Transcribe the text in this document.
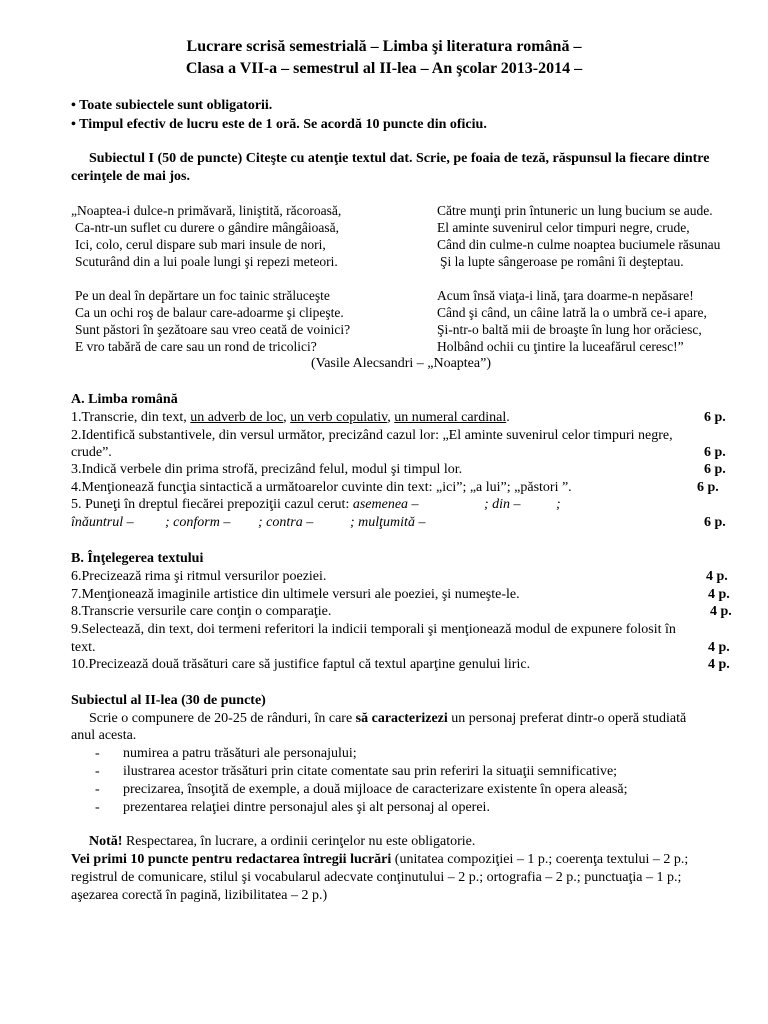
Lucrare scrisă semestrială – Limba şi literatura română –
Clasa a VII-a – semestrul al II-lea – An şcolar 2013-2014 –
• Toate subiectele sunt obligatorii.
• Timpul efectiv de lucru este de 1 oră. Se acordă 10 puncte din oficiu.
Subiectul I (50 de puncte) Citeşte cu atenţie textul dat. Scrie, pe foaia de teză, răspunsul la fiecare dintre
cerinţele de mai jos.
„Noaptea-i dulce-n primăvară, liniştită, răcoroasă,
Ca-ntr-un suflet cu durere o gândire mângâioasă,
Ici, colo, cerul dispare sub mari insule de nori,
Scuturând din a lui poale lungi şi repezi meteori.
Pe un deal în depărtare un foc tainic străluceşte
Ca un ochi roş de balaur care-adoarme şi clipeşte.
Sunt păstori în şezătoare sau vreo ceată de voinici?
E vro tabără de care sau un rond de tricolici?
Către munţi prin întuneric un lung bucium se aude.
El aminte suvenirul celor timpuri negre, crude,
Când din culme-n culme noaptea buciumele răsunau
Şi la lupte sângeroase pe români îi deşteptau.
Acum însă viaţa-i lină, ţara doarme-n nepăsare!
Când şi când, un câine latră la o umbră ce-i apare,
Şi-ntr-o baltă mii de broaşte în lung hor orăciesc,
Holbând ochii cu ţintire la luceafărul ceresc!”
(Vasile Alecsandri – „Noaptea”)
A. Limba română
1.Transcrie, din text, un adverb de loc, un verb copulativ, un numeral cardinal.	6 p.
2.Identifică substantivele, din versul următor, precizând cazul lor: „El aminte suvenirul celor timpuri negre,
crude”.	6 p.
3.Indică verbele din prima strofă, precizând felul, modul şi timpul lor.	6 p.
4.Menţionează funcţia sintactică a următoarelor cuvinte din text: „ici”; „a lui”; „păstori ”.	6 p.
5. Puneţi în dreptul fiecărei prepoziţii cazul cerut: asemenea –	; din –	;
înăuntrul – ; conform – ; contra –	; mulţumită –	6 p.
B. Înţelegerea textului
6.Precizează rima şi ritmul versurilor poeziei.	4 p.
7.Menţionează imaginile artistice din ultimele versuri ale poeziei, şi numeşte-le.	4 p.
8.Transcrie versurile care conţin o comparaţie.	4 p.
9.Selectează, din text, doi termeni referitori la indicii temporali şi menţionează modul de expunere folosit în
text.	4 p.
10.Precizează două trăsături care să justifice faptul că textul aparţine genului liric.	4 p.
Subiectul al II-lea (30 de puncte)
Scrie o compunere de 20-25 de rânduri, în care să caracterizezi un personaj preferat dintr-o operă studiată
anul acesta.
- numirea a patru trăsături ale personajului;
- ilustrarea acestor trăsături prin citate comentate sau prin referiri la situaţii semnificative;
- precizarea, însoţită de exemple, a două mijloace de caracterizare existente în opera aleasă;
- prezentarea relaţiei dintre personajul ales şi alt personaj al operei.
Notă! Respectarea, în lucrare, a ordinii cerinţelor nu este obligatorie.
Vei primi 10 puncte pentru redactarea întregii lucrări (unitatea compoziţiei – 1 p.; coerenţa textului – 2 p.;
registrul de comunicare, stilul şi vocabularul adecvate conţinutului – 2 p.; ortografia – 2 p.; punctuaţia – 1 p.;
aşezarea corectă în pagină, lizibilitatea – 2 p.)
